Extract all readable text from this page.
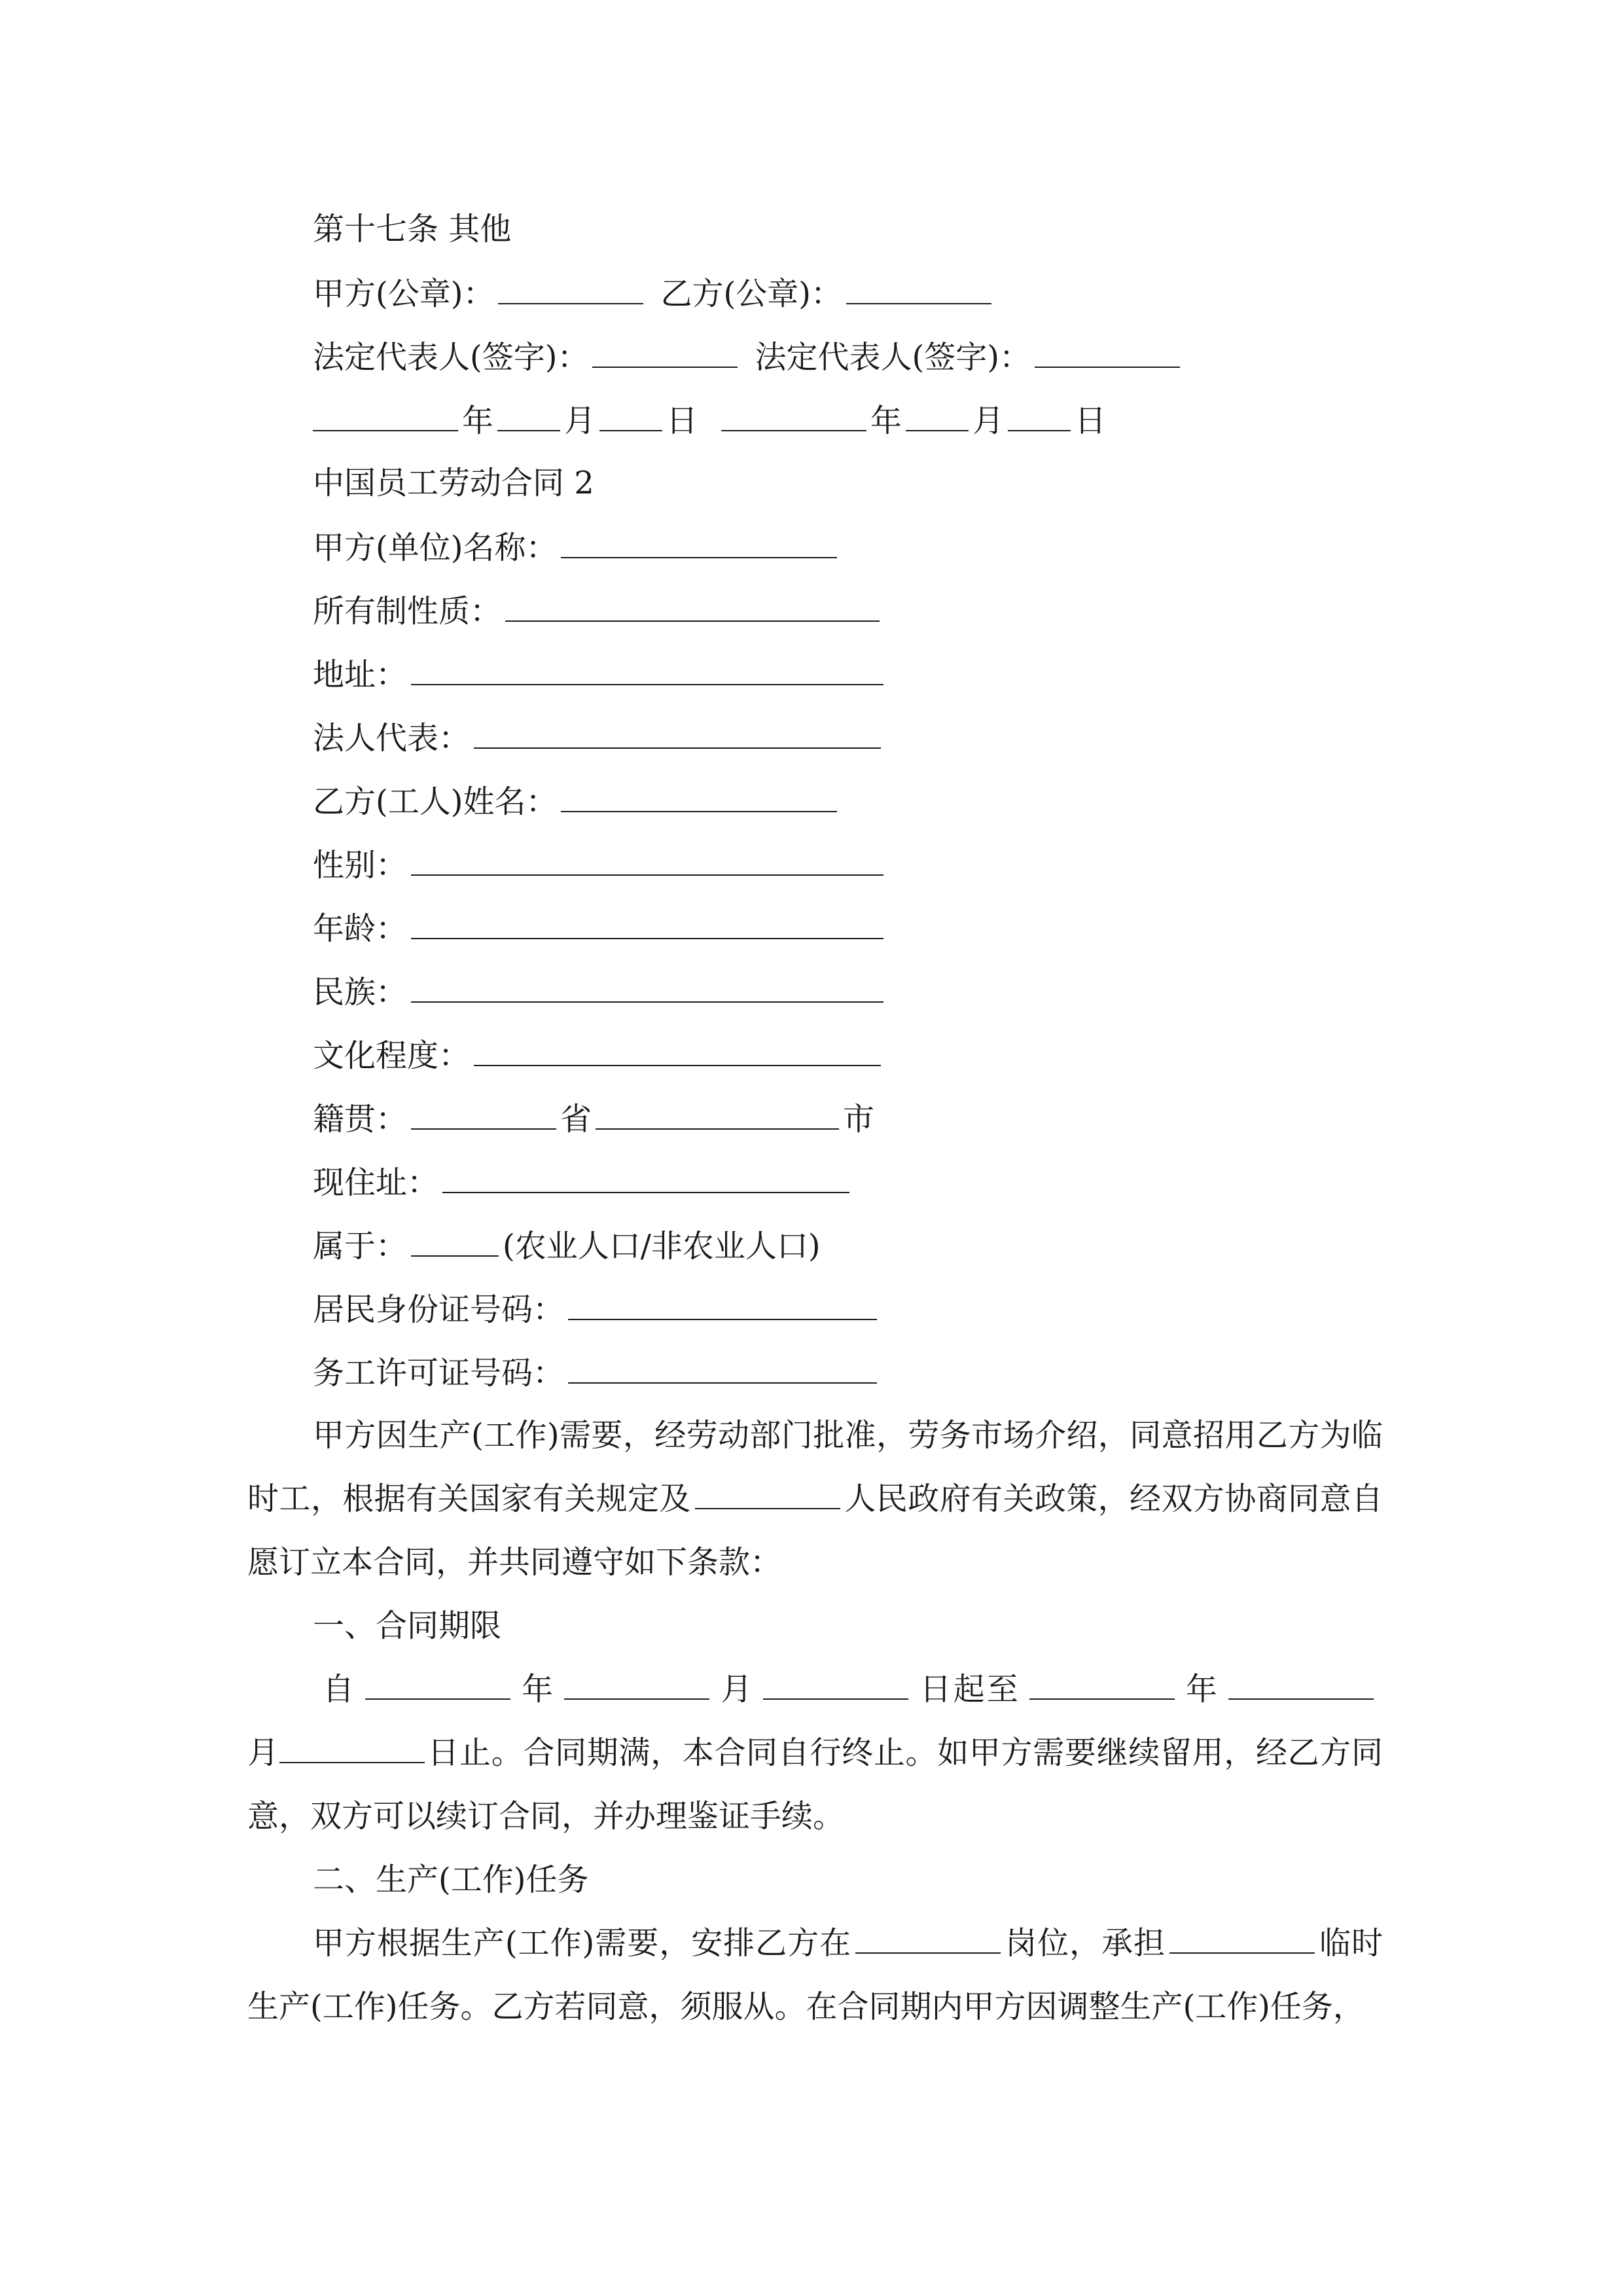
第十七条 其他
甲方(公章)：	乙方(公章)：
法定代表人(签字)：	法定代表人(签字)：
年 月 日	年 月 日
中国员工劳动合同 2
甲方(单位)名称：
所有制性质：
地址：
法人代表：
乙方(工人)姓名：
性别：
年龄：
民族：
文化程度：
籍贯：	省	市
现住址：
属于：	(农业人口/非农业人口)
居民身份证号码：
务工许可证号码：
甲方因生产(工作)需要，经劳动部门批准，劳务市场介绍，同意招用乙方为临时工，根据有关国家有关规定及	人民政府有关政策，经双方协商同意自愿订立本合同，并共同遵守如下条款：
一、合同期限
自	年	月	日起至	年月	日止。合同期满，本合同自行终止。如甲方需要继续留用，经乙方同意，双方可以续订合同，并办理鉴证手续。
二、生产(工作)任务
甲方根据生产(工作)需要，安排乙方在	岗位，承担	临时生产(工作)任务。乙方若同意，须服从。在合同期内甲方因调整生产(工作)任务，
